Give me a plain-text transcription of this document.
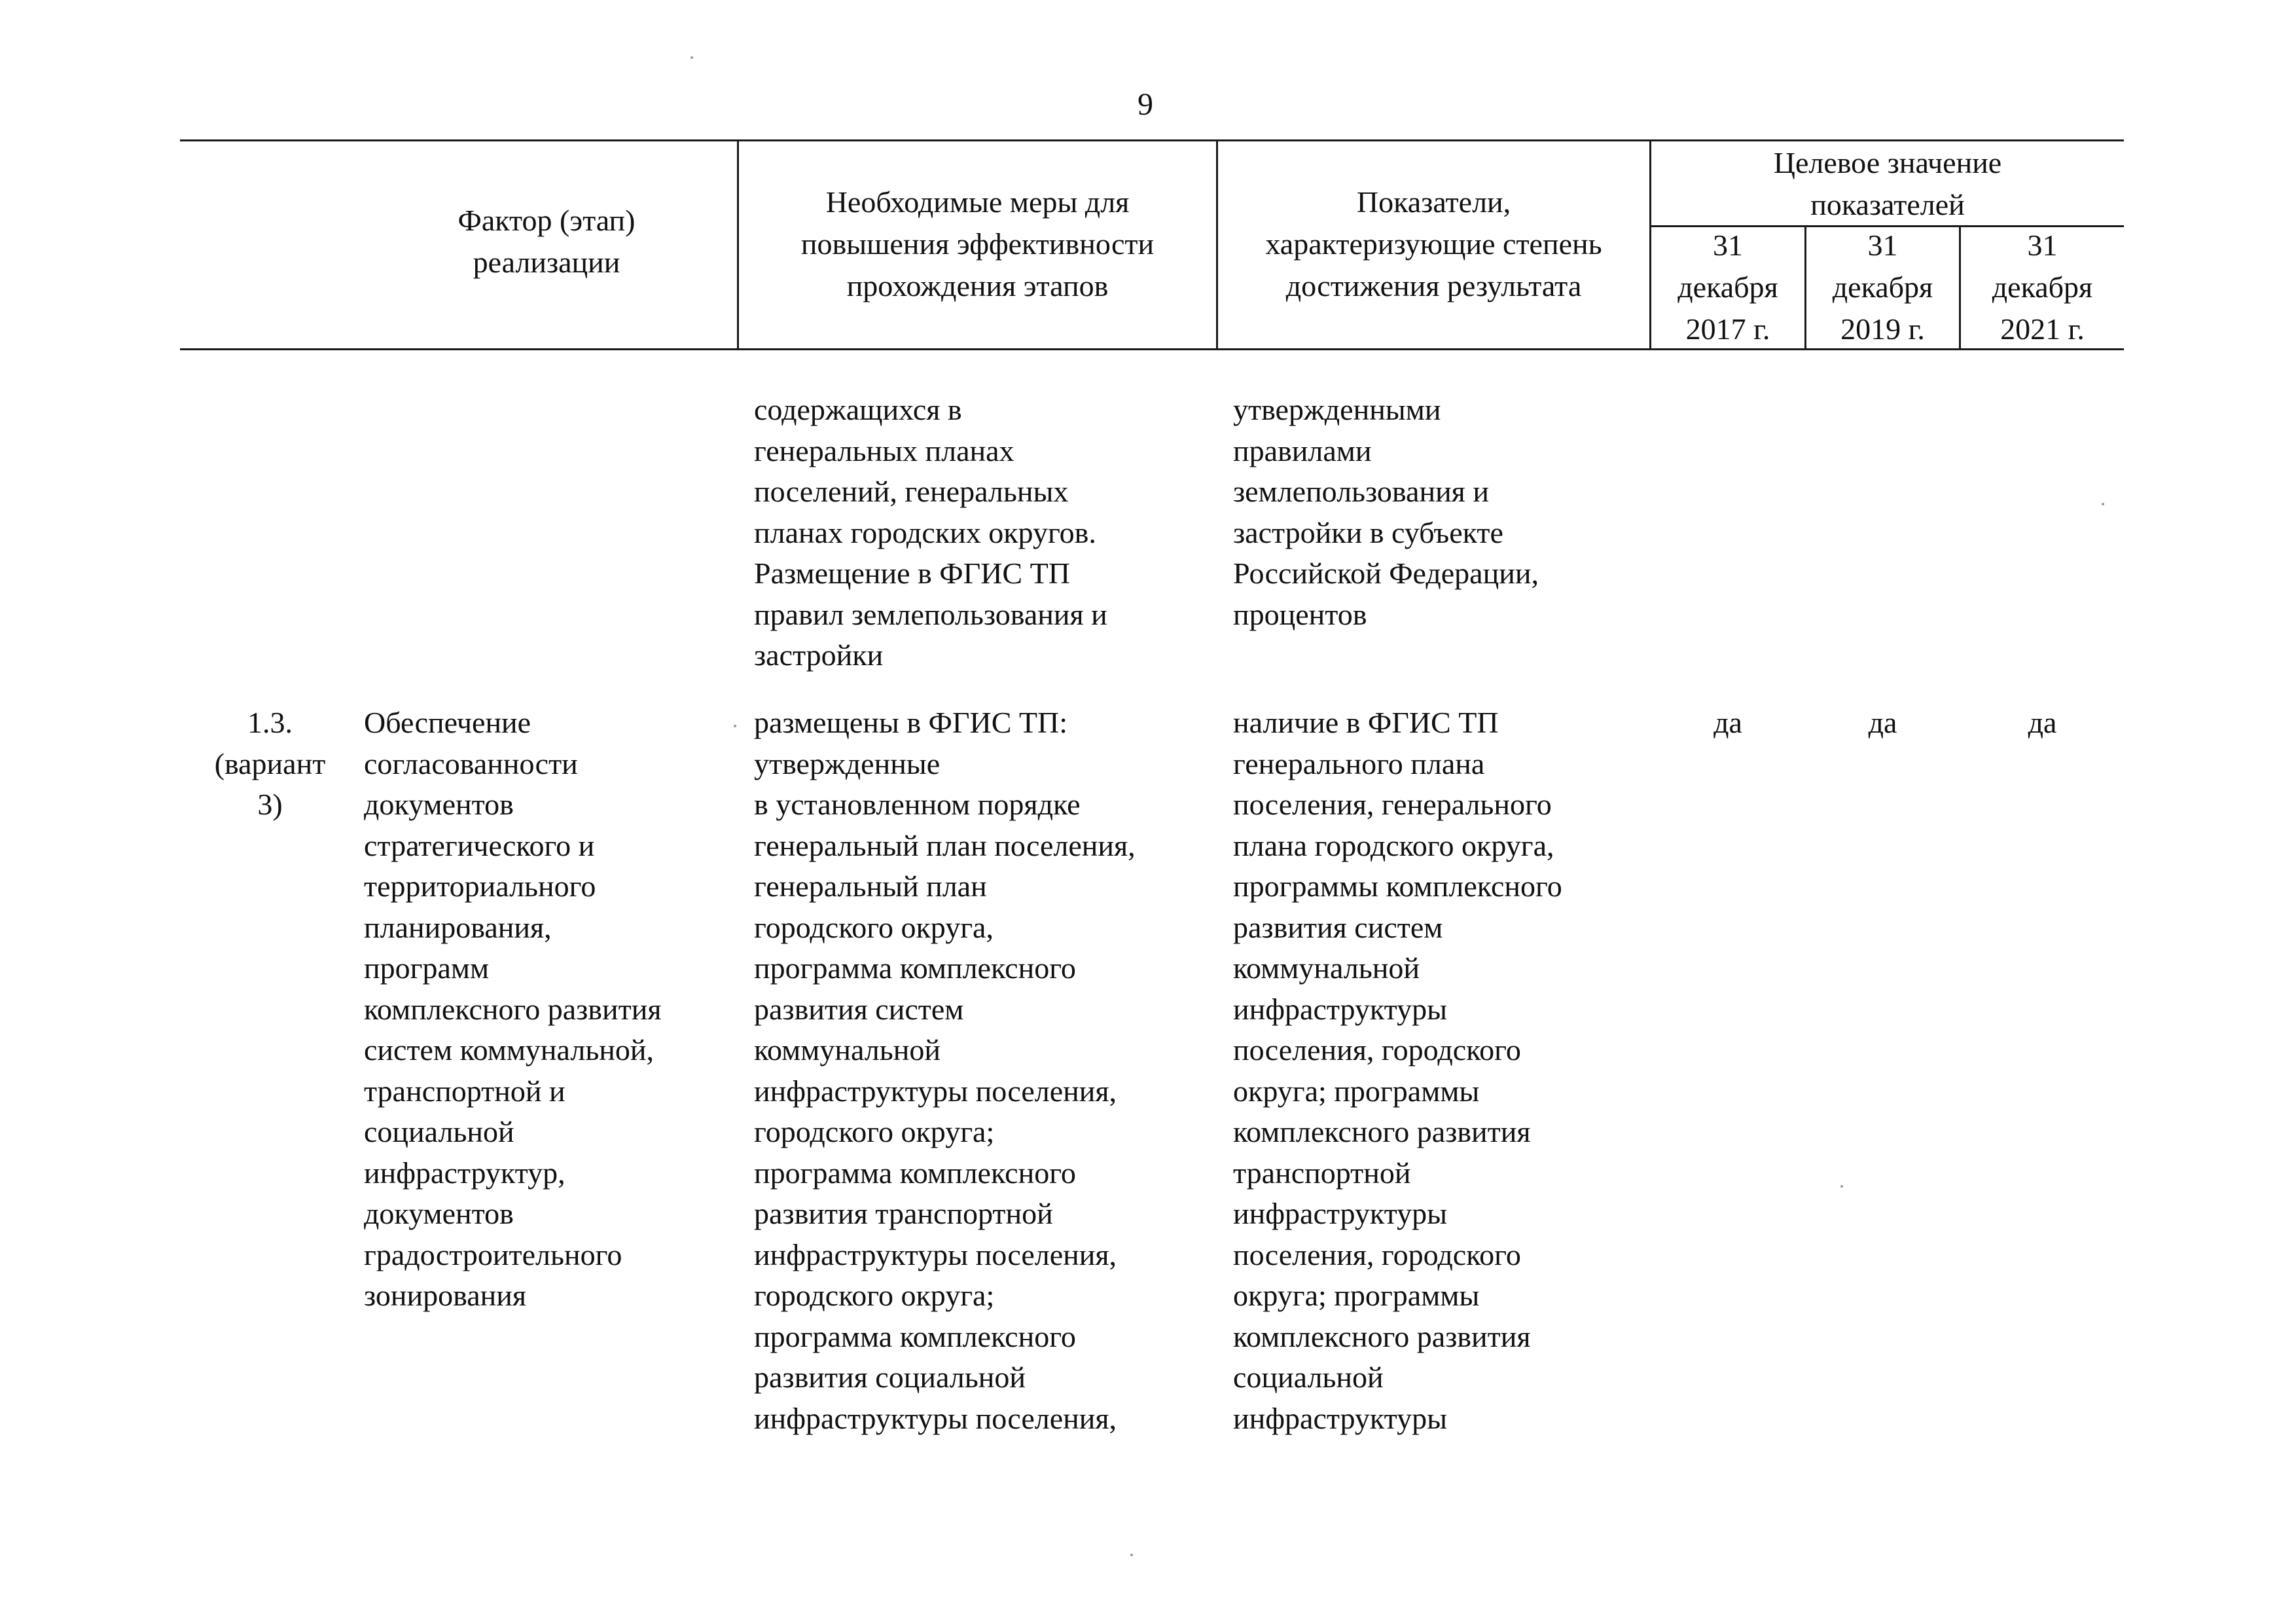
9
Фактор (этап)
реализации
Необходимые меры для
повышения эффективности
прохождения этапов
Показатели,
характеризующие степень
достижения результата
Целевое значение
показателей
31
декабря
2017 г.
31
декабря
2019 г.
31
декабря
2021 г.
содержащихся в
генеральных планах
поселений, генеральных
планах городских округов.
Размещение в ФГИС ТП
правил землепользования и
застройки
утвержденными
правилами
землепользования и
застройки в субъекте
Российской Федерации,
процентов
1.3.
(вариант
3)
Обеспечение
согласованности
документов
стратегического и
территориального
планирования,
программ
комплексного развития
систем коммунальной,
транспортной и
социальной
инфраструктур,
документов
градостроительного
зонирования
размещены в ФГИС ТП:
утвержденные
в установленном порядке
генеральный план поселения,
генеральный план
городского округа,
программа комплексного
развития систем
коммунальной
инфраструктуры поселения,
городского округа;
программа комплексного
развития транспортной
инфраструктуры поселения,
городского округа;
программа комплексного
развития социальной
инфраструктуры поселения,
наличие в ФГИС ТП
генерального плана
поселения, генерального
плана городского округа,
программы комплексного
развития систем
коммунальной
инфраструктуры
поселения, городского
округа; программы
комплексного развития
транспортной
инфраструктуры
поселения, городского
округа; программы
комплексного развития
социальной
инфраструктуры
да	да	да
